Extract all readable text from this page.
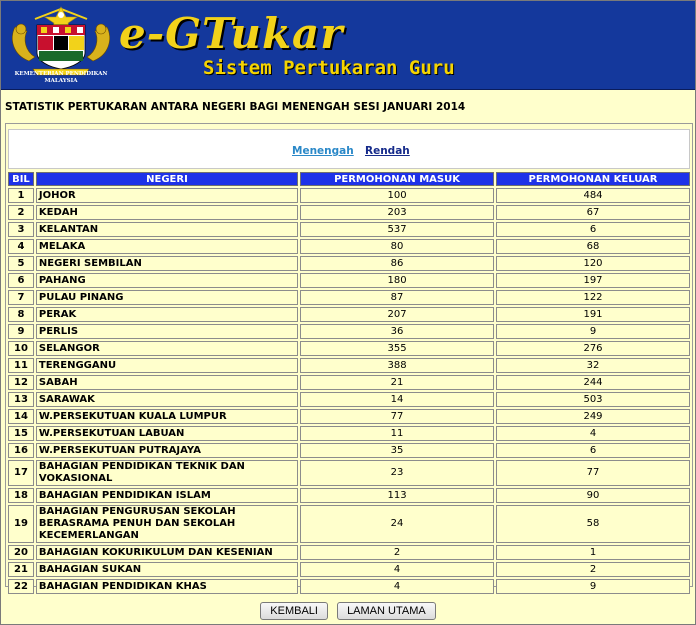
KEMENTERIAN PENDIDIKAN MALAYSIA
e-GTukar
Sistem Pertukaran Guru
STATISTIK PERTUKARAN ANTARA NEGERI BAGI MENENGAH SESI JANUARI 2014
Menengah Rendah
BIL	NEGERI	PERMOHONAN MASUK	PERMOHONAN KELUAR
1	JOHOR	100	484
2	KEDAH	203	67
3	KELANTAN	537	6
4	MELAKA	80	68
5	NEGERI SEMBILAN	86	120
6	PAHANG	180	197
7	PULAU PINANG	87	122
8	PERAK	207	191
9	PERLIS	36	9
10	SELANGOR	355	276
11	TERENGGANU	388	32
12	SABAH	21	244
13	SARAWAK	14	503
14	W.PERSEKUTUAN KUALA LUMPUR	77	249
15	W.PERSEKUTUAN LABUAN	11	4
16	W.PERSEKUTUAN PUTRAJAYA	35	6
17	BAHAGIAN PENDIDIKAN TEKNIK DAN VOKASIONAL	23	77
18	BAHAGIAN PENDIDIKAN ISLAM	113	90
19	BAHAGIAN PENGURUSAN SEKOLAH BERASRAMA PENUH DAN SEKOLAH KECEMERLANGAN	24	58
20	BAHAGIAN KOKURIKULUM DAN KESENIAN	2	1
21	BAHAGIAN SUKAN	4	2
22	BAHAGIAN PENDIDIKAN KHAS	4	9
KEMBALI	LAMAN UTAMA
